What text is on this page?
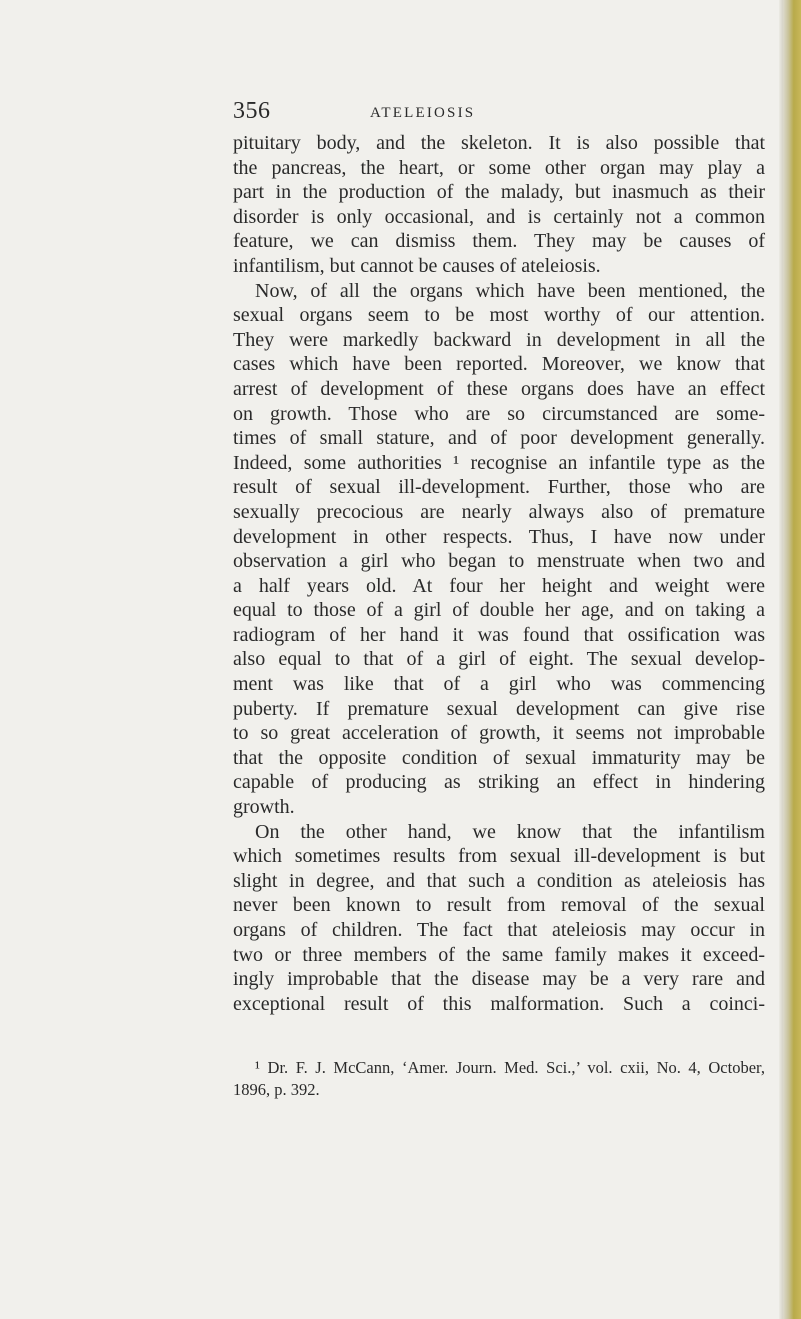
356	ATELEIOSIS
pituitary body, and the skeleton. It is also possible that
the pancreas, the heart, or some other organ may play a
part in the production of the malady, but inasmuch as their
disorder is only occasional, and is certainly not a common
feature, we can dismiss them. They may be causes of
infantilism, but cannot be causes of ateleiosis.
Now, of all the organs which have been mentioned, the
sexual organs seem to be most worthy of our attention.
They were markedly backward in development in all the
cases which have been reported. Moreover, we know that
arrest of development of these organs does have an effect
on growth. Those who are so circumstanced are some-
times of small stature, and of poor development generally.
Indeed, some authorities ¹ recognise an infantile type as the
result of sexual ill-development. Further, those who are
sexually precocious are nearly always also of premature
development in other respects. Thus, I have now under
observation a girl who began to menstruate when two and
a half years old. At four her height and weight were
equal to those of a girl of double her age, and on taking a
radiogram of her hand it was found that ossification was
also equal to that of a girl of eight. The sexual develop-
ment was like that of a girl who was commencing
puberty. If premature sexual development can give rise
to so great acceleration of growth, it seems not improbable
that the opposite condition of sexual immaturity may be
capable of producing as striking an effect in hindering
growth.
On the other hand, we know that the infantilism
which sometimes results from sexual ill-development is but
slight in degree, and that such a condition as ateleiosis has
never been known to result from removal of the sexual
organs of children. The fact that ateleiosis may occur in
two or three members of the same family makes it exceed-
ingly improbable that the disease may be a very rare and
exceptional result of this malformation. Such a coinci-
¹ Dr. F. J. McCann, ‘Amer. Journ. Med. Sci.,’ vol. cxii, No. 4, October,
1896, p. 392.
